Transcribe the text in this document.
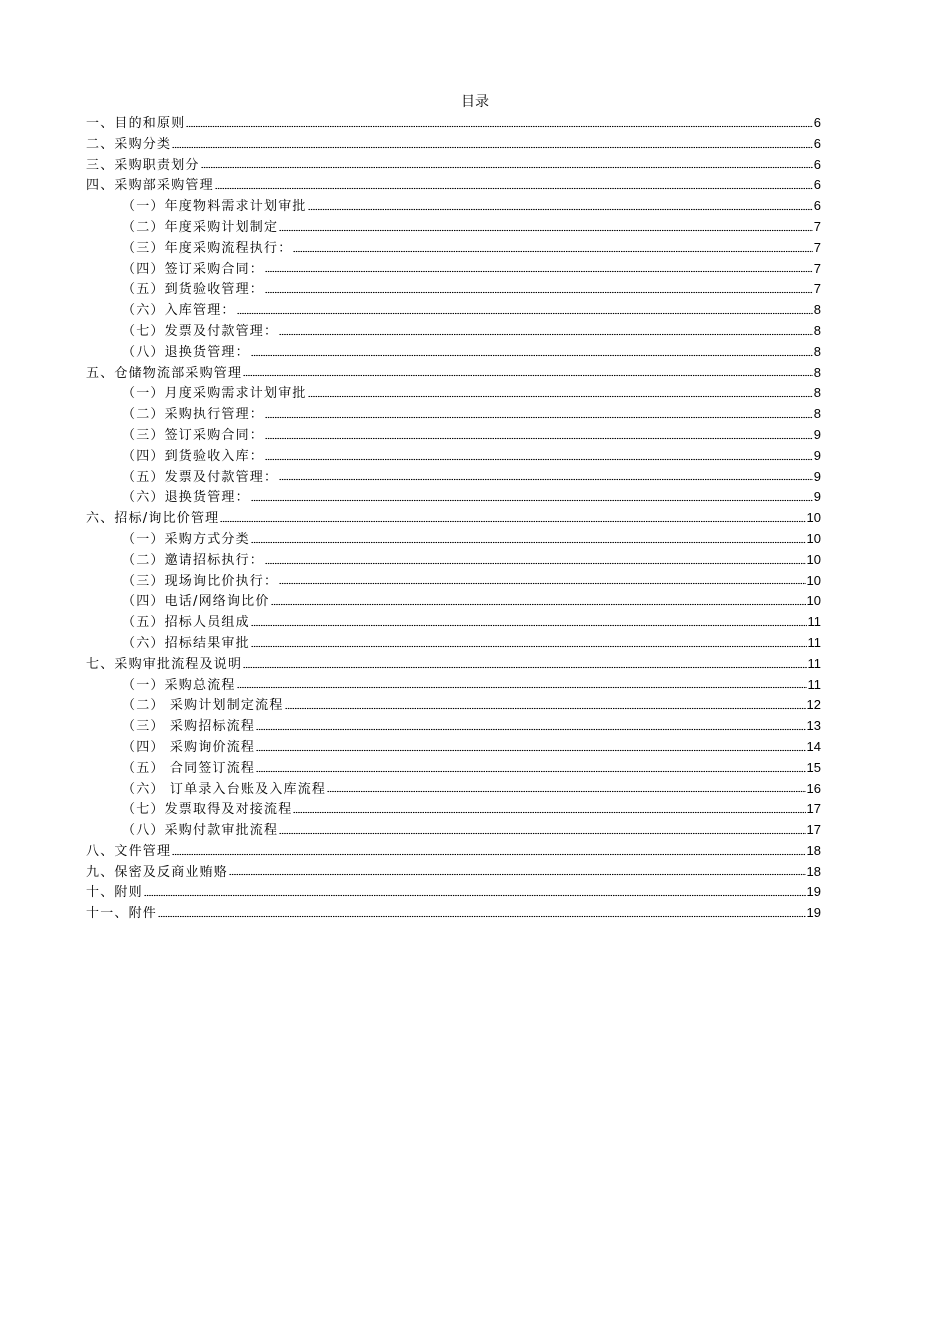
目录
一、目的和原则	6
二、采购分类	6
三、采购职责划分	6
四、采购部采购管理	6
（一）年度物料需求计划审批	6
（二）年度采购计划制定	7
（三）年度采购流程执行：	7
（四）签订采购合同：	7
（五）到货验收管理：	7
（六）入库管理：	8
（七）发票及付款管理：	8
（八）退换货管理：	8
五、仓储物流部采购管理	8
（一）月度采购需求计划审批	8
（二）采购执行管理：	8
（三）签订采购合同：	9
（四）到货验收入库：	9
（五）发票及付款管理：	9
（六）退换货管理：	9
六、招标/询比价管理	10
（一）采购方式分类	10
（二）邀请招标执行：	10
（三）现场询比价执行：	10
（四）电话/网络询比价	10
（五）招标人员组成	11
（六）招标结果审批	11
七、采购审批流程及说明	11
（一）采购总流程	11
（二） 采购计划制定流程	12
（三） 采购招标流程	13
（四） 采购询价流程	14
（五） 合同签订流程	15
（六） 订单录入台账及入库流程	16
（七）发票取得及对接流程	17
（八）采购付款审批流程	17
八、文件管理	18
九、保密及反商业贿赂	18
十、附则	19
十一、附件	19
